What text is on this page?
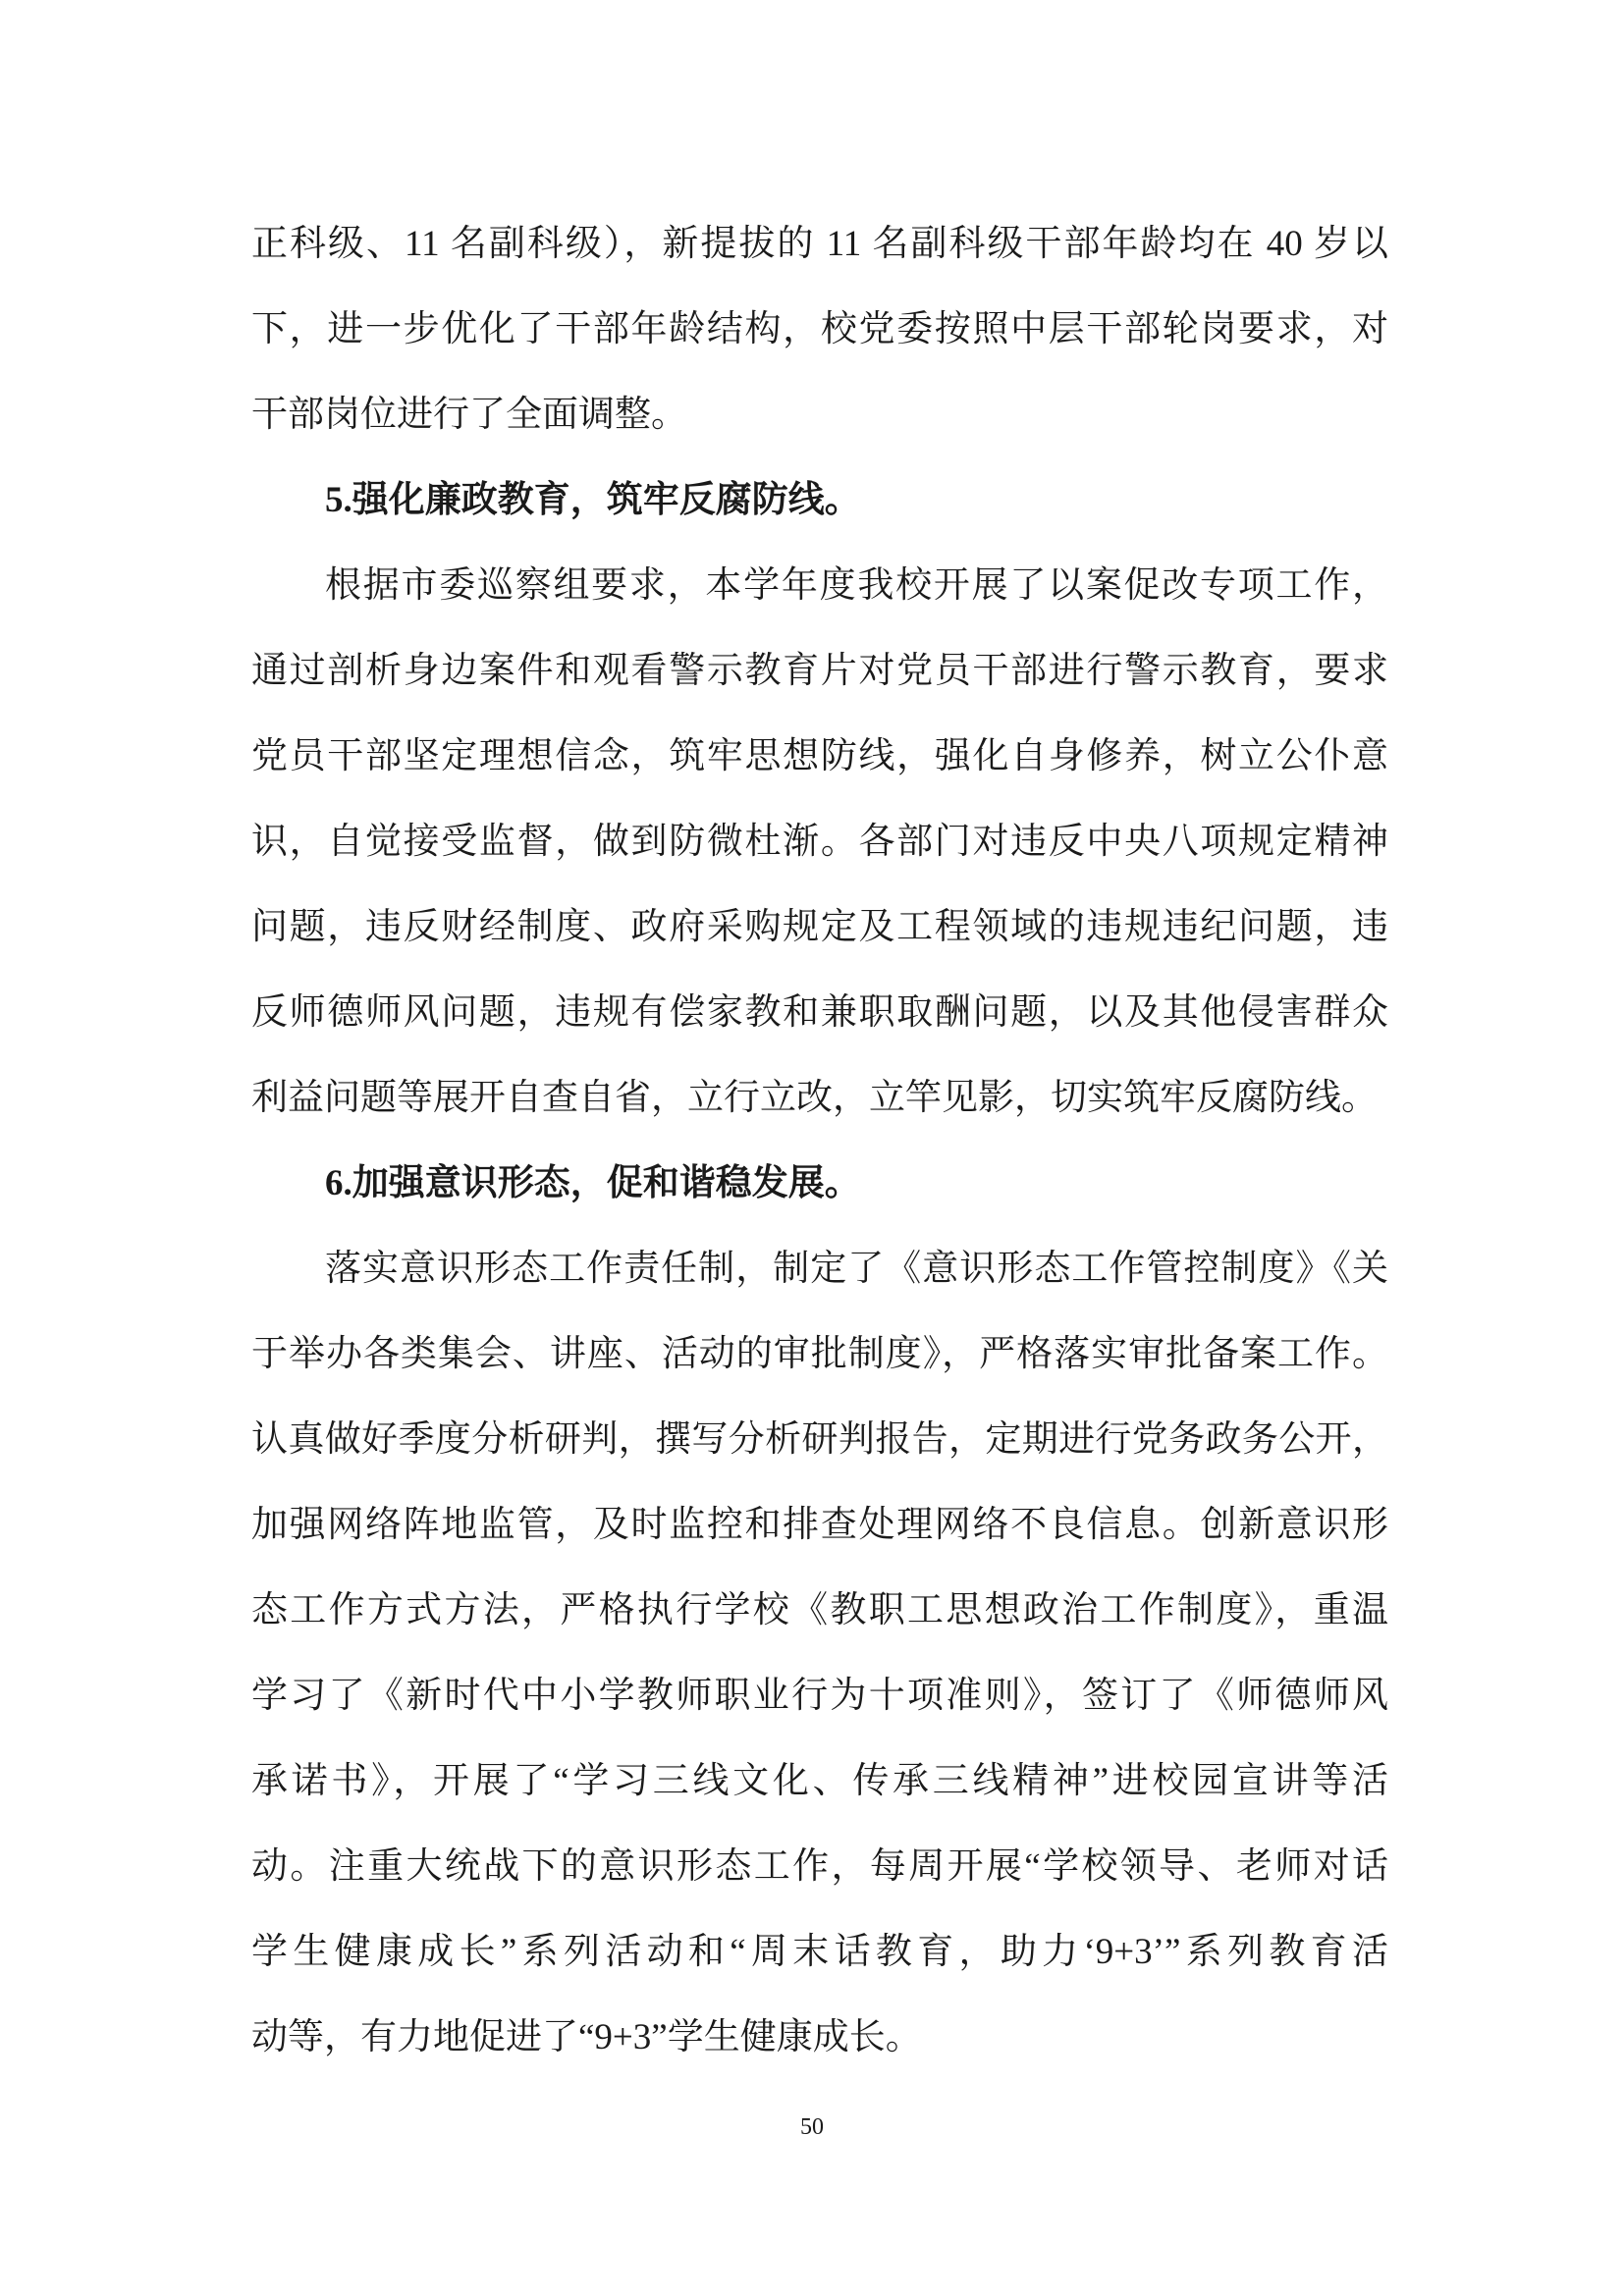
正科级、11 名副科级），新提拔的 11 名副科级干部年龄均在 40 岁以
下，进一步优化了干部年龄结构，校党委按照中层干部轮岗要求，对
干部岗位进行了全面调整。
5.强化廉政教育，筑牢反腐防线。
根据市委巡察组要求，本学年度我校开展了以案促改专项工作，
通过剖析身边案件和观看警示教育片对党员干部进行警示教育，要求
党员干部坚定理想信念，筑牢思想防线，强化自身修养，树立公仆意
识，自觉接受监督，做到防微杜渐。各部门对违反中央八项规定精神
问题，违反财经制度、政府采购规定及工程领域的违规违纪问题，违
反师德师风问题，违规有偿家教和兼职取酬问题，以及其他侵害群众
利益问题等展开自查自省，立行立改，立竿见影，切实筑牢反腐防线。
6.加强意识形态，促和谐稳发展。
落实意识形态工作责任制，制定了《意识形态工作管控制度》《关
于举办各类集会、讲座、活动的审批制度》，严格落实审批备案工作。
认真做好季度分析研判，撰写分析研判报告，定期进行党务政务公开，
加强网络阵地监管，及时监控和排查处理网络不良信息。创新意识形
态工作方式方法，严格执行学校《教职工思想政治工作制度》，重温
学习了《新时代中小学教师职业行为十项准则》，签订了《师德师风
承诺书》，开展了“学习三线文化、传承三线精神”进校园宣讲等活
动。注重大统战下的意识形态工作，每周开展“学校领导、老师对话
学生健康成长”系列活动和“周末话教育，助力‘9+3’”系列教育活
动等，有力地促进了“9+3”学生健康成长。
50
